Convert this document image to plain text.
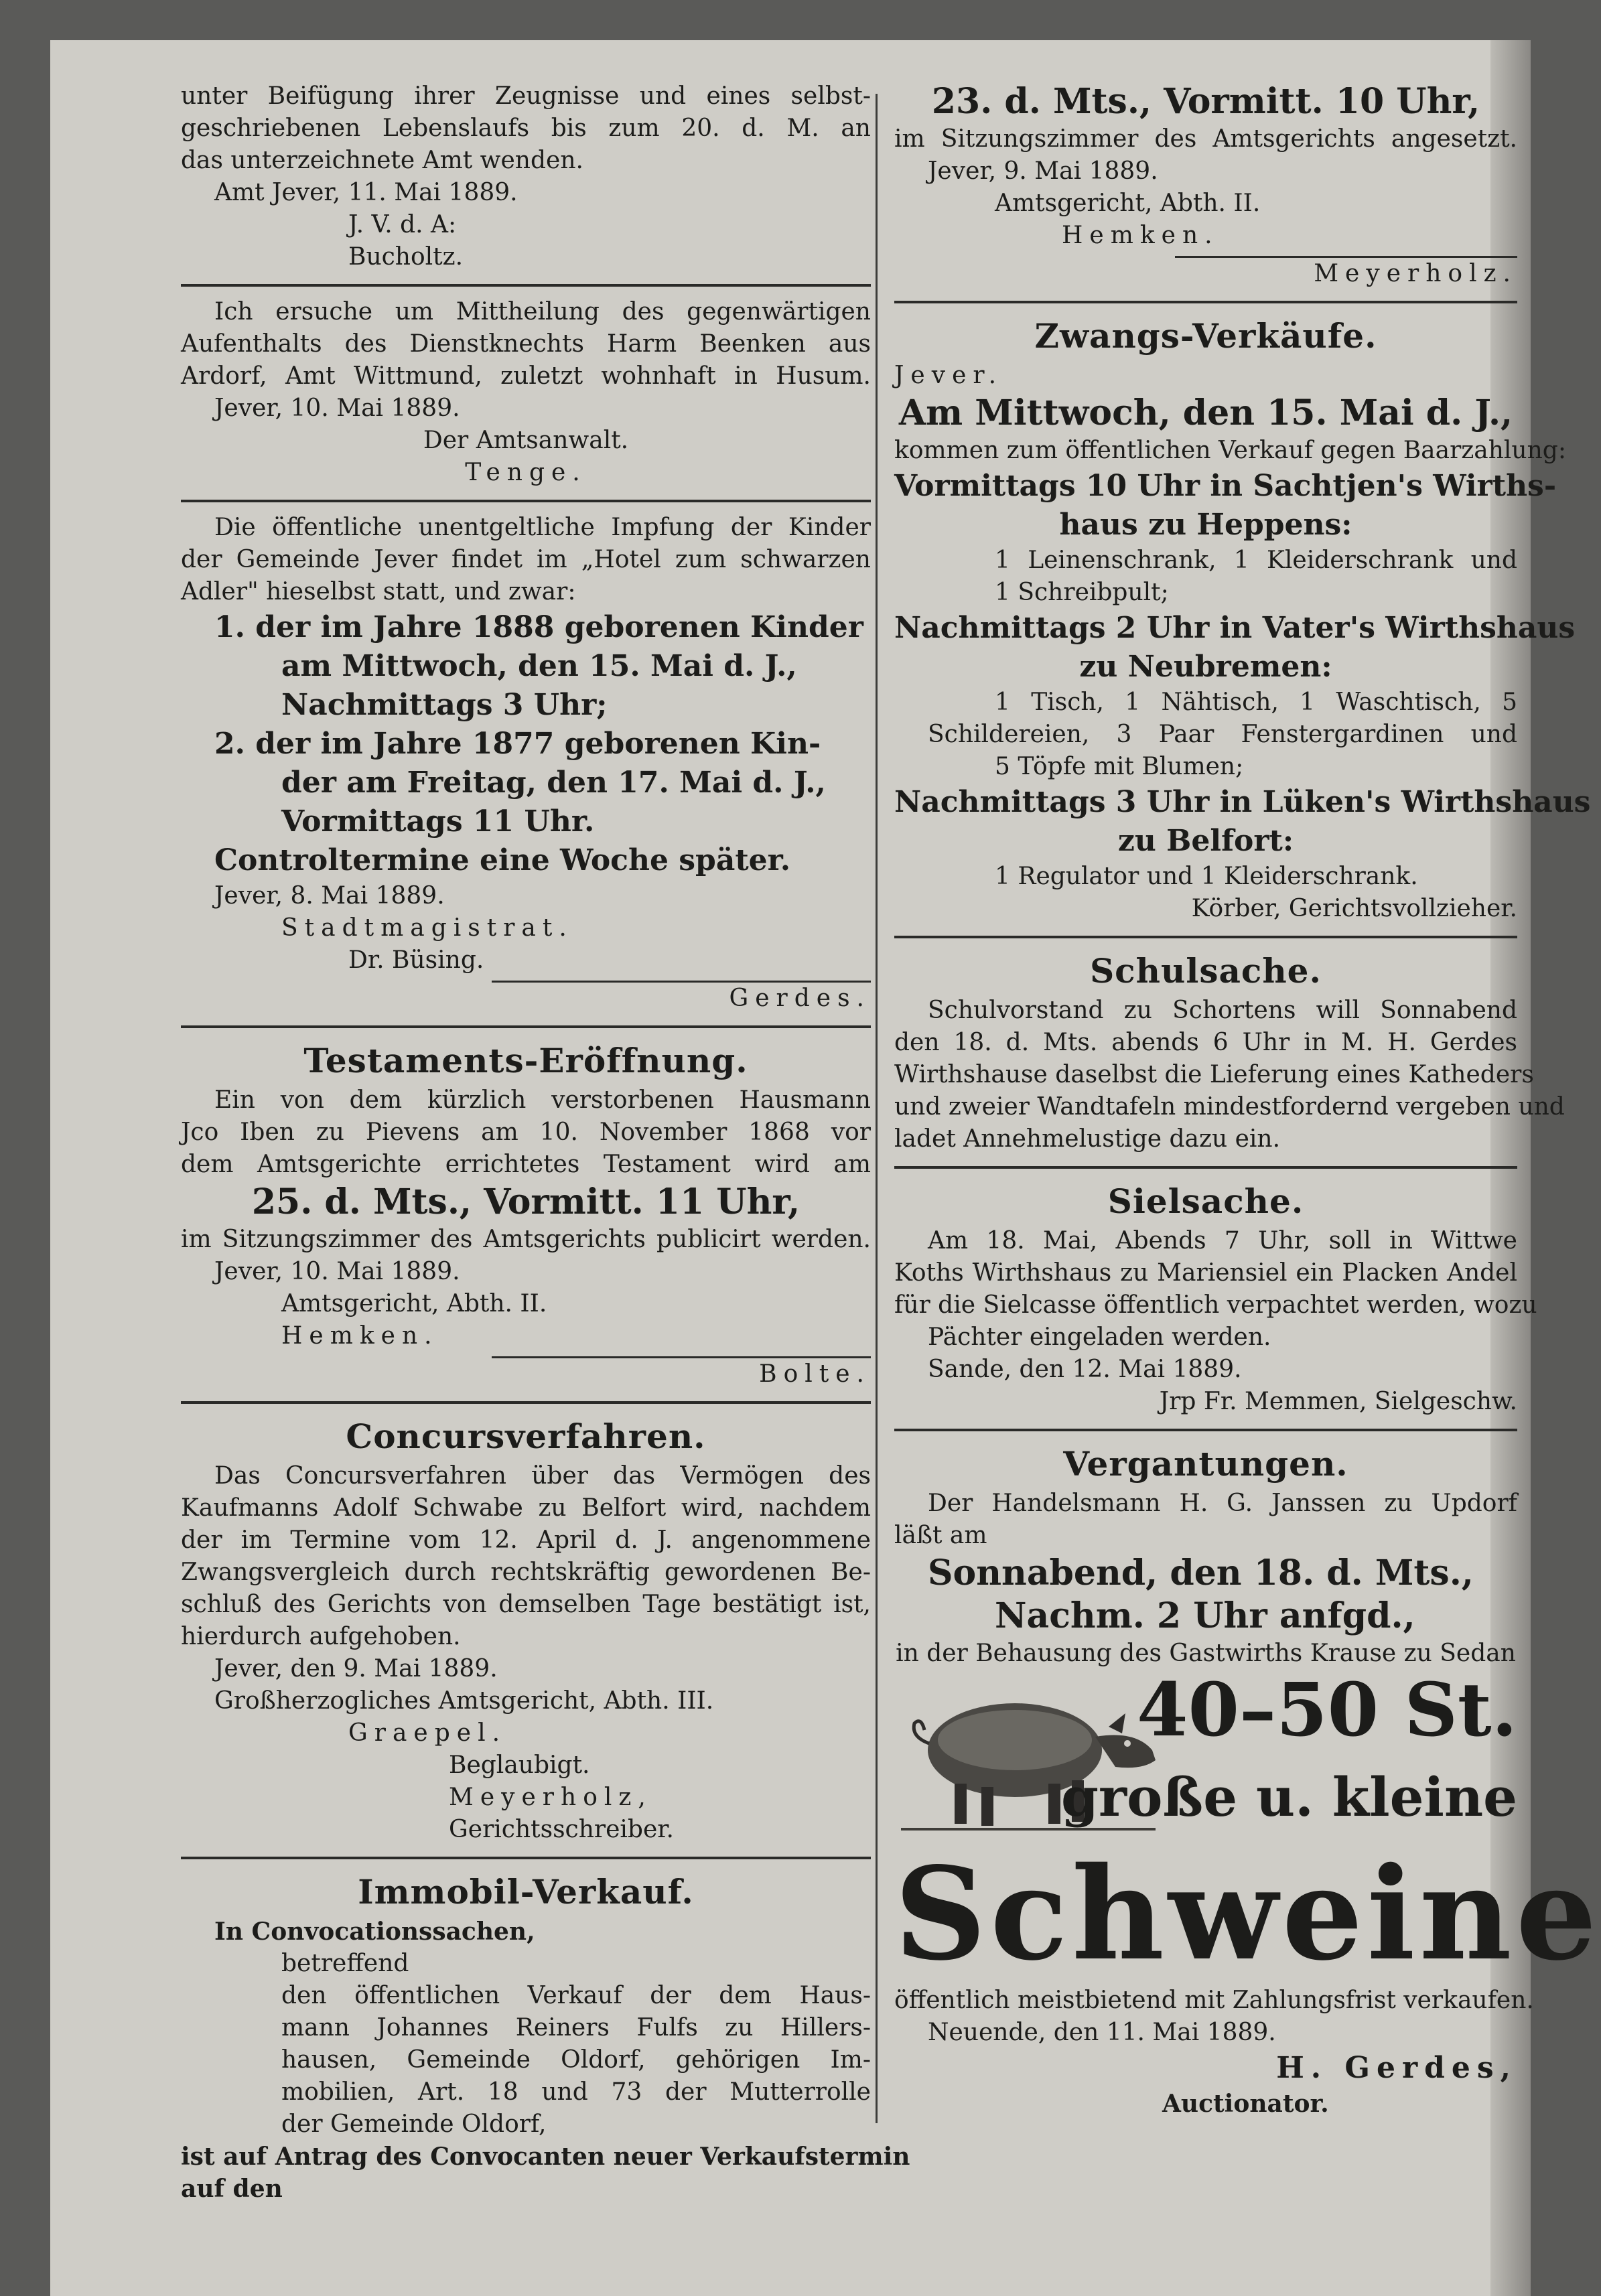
unter Beifügung ihrer Zeugnisse und eines selbst-
geschriebenen Lebenslaufs bis zum 20. d. M. an
das unterzeichnete Amt wenden.
Amt Jever, 11. Mai 1889.
J. V. d. A:
Bucholtz.
Ich ersuche um Mittheilung des gegenwärtigen
Aufenthalts des Dienstknechts Harm Beenken aus
Ardorf, Amt Wittmund, zuletzt wohnhaft in Husum.
Jever, 10. Mai 1889.
Der Amtsanwalt.
Tenge.
Die öffentliche unentgeltliche Impfung der Kinder
der Gemeinde Jever findet im „Hotel zum schwarzen
Adler" hieselbst statt, und zwar:
1. der im Jahre 1888 geborenen Kinder
am Mittwoch, den 15. Mai d. J.,
Nachmittags 3 Uhr;
2. der im Jahre 1877 geborenen Kin-
der am Freitag, den 17. Mai d. J.,
Vormittags 11 Uhr.
Controltermine eine Woche später.
Jever, 8. Mai 1889.
Stadtmagistrat.
Dr. Büsing.
Gerdes.
Testaments-Eröffnung.
Ein von dem kürzlich verstorbenen Hausmann
Jco Iben zu Pievens am 10. November 1868 vor
dem Amtsgerichte errichtetes Testament wird am
25. d. Mts., Vormitt. 11 Uhr,
im Sitzungszimmer des Amtsgerichts publicirt werden.
Jever, 10. Mai 1889.
Amtsgericht, Abth. II.
Hemken.
Bolte.
Concursverfahren.
Das Concursverfahren über das Vermögen des
Kaufmanns Adolf Schwabe zu Belfort wird, nachdem
der im Termine vom 12. April d. J. angenommene
Zwangsvergleich durch rechtskräftig gewordenen Be-
schluß des Gerichts von demselben Tage bestätigt ist,
hierdurch aufgehoben.
Jever, den 9. Mai 1889.
Großherzogliches Amtsgericht, Abth. III.
Graepel.
Beglaubigt.
Meyerholz,
Gerichtsschreiber.
Immobil-Verkauf.
In Convocationssachen,
betreffend
den öffentlichen Verkauf der dem Haus-
mann Johannes Reiners Fulfs zu Hillers-
hausen, Gemeinde Oldorf, gehörigen Im-
mobilien, Art. 18 und 73 der Mutterrolle
der Gemeinde Oldorf,
ist auf Antrag des Convocanten neuer Verkaufstermin
auf den
23. d. Mts., Vormitt. 10 Uhr,
im Sitzungszimmer des Amtsgerichts angesetzt.
Jever, 9. Mai 1889.
Amtsgericht, Abth. II.
Hemken.
Meyerholz.
Zwangs-Verkäufe.
Jever.
Am Mittwoch, den 15. Mai d. J.,
kommen zum öffentlichen Verkauf gegen Baarzahlung:
Vormittags 10 Uhr in Sachtjen's Wirths-
haus zu Heppens:
1 Leinenschrank, 1 Kleiderschrank und
1 Schreibpult;
Nachmittags 2 Uhr in Vater's Wirthshaus
zu Neubremen:
1 Tisch, 1 Nähtisch, 1 Waschtisch, 5
Schildereien, 3 Paar Fenstergardinen und
5 Töpfe mit Blumen;
Nachmittags 3 Uhr in Lüken's Wirthshaus
zu Belfort:
1 Regulator und 1 Kleiderschrank.
Körber, Gerichtsvollzieher.
Schulsache.
Schulvorstand zu Schortens will Sonnabend
den 18. d. Mts. abends 6 Uhr in M. H. Gerdes
Wirthshause daselbst die Lieferung eines Katheders
und zweier Wandtafeln mindestfordernd vergeben und
ladet Annehmelustige dazu ein.
Sielsache.
Am 18. Mai, Abends 7 Uhr, soll in Wittwe
Koths Wirthshaus zu Mariensiel ein Placken Andel
für die Sielcasse öffentlich verpachtet werden, wozu
Pächter eingeladen werden.
Sande, den 12. Mai 1889.
Jrp Fr. Memmen, Sielgeschw.
Vergantungen.
Der Handelsmann H. G. Janssen zu Updorf
läßt am
Sonnabend, den 18. d. Mts.,
Nachm. 2 Uhr anfgd.,
in der Behausung des Gastwirths Krause zu Sedan
40–50 St.
große u. kleine
Schweine
öffentlich meistbietend mit Zahlungsfrist verkaufen.
Neuende, den 11. Mai 1889.
H. Gerdes,
Auctionator.
